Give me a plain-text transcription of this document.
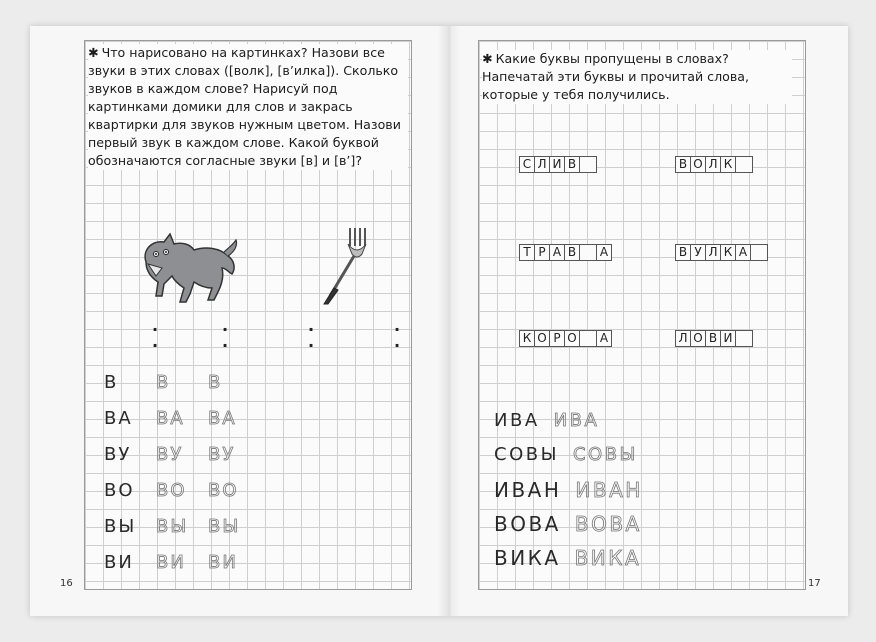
✱ Что нарисовано на картинках? Назови все звуки в этих словах ([волк], [в’илка]). Сколько звуков в каждом слове? Нарисуй под картинками домики для слов и закрась квартирки для звуков нужным цветом. Назови первый звук в каждом слове. Какой буквой обозначаются согласные звуки [в] и [в’]?
·	·
·	·
·	·
·	·
В В В
ВА ВА ВА
ВУ ВУ ВУ
ВО ВО ВО
ВЫ ВЫ ВЫ
ВИ ВИ ВИ
16
✱ Какие буквы пропущены в словах? Напечатай эти буквы и прочитай слова, которые у тебя получились.
С Л И В	В О Л К
Т Р А В	А	В У Л К А
К О Р О	А	Л О В И
ИВА ИВА
СОВЫ СОВЫ
ИВАН ИВАН
ВОВА ВОВА
ВИКА ВИКА
17
